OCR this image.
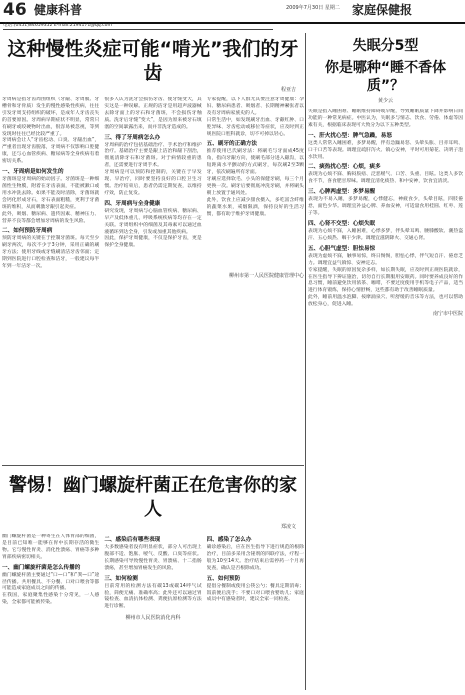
46 健康科普	2009年7月30日 星期二 家庭保健报
电话:(0451)84659352 E-mail:2194171@qq.com
这种慢性炎症可能“啃光”我们的牙齿
程亚吉

牙周病是指牙齿周围组织（牙龈、牙周膜、牙槽骨和牙骨质）发生的慢性感染性疾病，往往引发牙周支持组织的破坏，是成年人牙齿丧失的首要原因。牙周病早期症状不明显，常常只有刷牙或咬硬物时出血，很容易被忽视，等到发现时往往已经比较严重了。

牙周病会让人“牙齿松动、口臭、牙龈出血”，严重者出现牙齿脱落，牙周病不仅影响口腔健康，还与心血管疾病、糖尿病等全身疾病有着密切关系。

一、牙周病是如何发生的

牙菌斑是牙周病的始动因子。牙菌斑是一种细菌性生物膜，附着在牙齿表面，不能被漱口或用水冲洗去除。如果不能及时清除，牙菌斑就会钙化形成牙石，牙石表面粗糙，更利于牙菌斑的堆积，从而刺激牙龈引起炎症。

此外，吸烟、糖尿病、遗传因素、精神压力、营养不良等都会增加牙周病的发生风险。

二、如何预防牙周病

预防牙周病的关键在于控制牙菌斑。每天至少刷牙两次，每次不少于3分钟，采用正确的刷牙方法；使用牙线或牙缝刷清洁牙齿邻面；定期到医院进行口腔检查和洁牙，一般建议每半年到一年洁牙一次。

很多人认为洗牙会损伤牙齿、使牙缝变大，其实这是一种误解。正规的洁牙是用超声波器械去除牙面上的牙石和牙菌斑，不会损伤牙釉质。洗牙后牙缝“变大”，是因为原来被牙石填塞的空间暴露出来，而并非洗牙造成的。

三、得了牙周病怎么办

牙周病的治疗包括基础治疗、手术治疗和维护治疗。基础治疗主要是龈上洁治和龈下刮治，彻底清除牙石和牙菌斑。对于病情较重的患者，还需要进行牙周手术。

牙周病是可以预防和控制的，关键在于早发现、早治疗，同时要坚持良好的口腔卫生习惯。治疗结束后，患者仍需定期复查，以维持疗效，防止复发。

四、牙周病与全身健康

研究发现，牙周病与心脑血管疾病、糖尿病、早产及低体重儿、呼吸系统疾病等均存在一定关联。牙周组织中的细菌及其毒素可以通过血液循环到达全身，引发或加重其他疾病。

因此，保护牙周健康，不仅是保护牙齿，更是保护全身健康。

专家提醒，以下人群尤其要注意牙周健康：孕妇、糖尿病患者、吸烟者、长期精神紧张者以及有牙周病家族史的人。

日常生活中，如发现刷牙出血、牙龈红肿、口腔异味、牙齿松动或移位等症状，应及时到正规医院口腔科就诊，切不可掉以轻心。

五、刷牙的正确方法

推荐使用巴氏刷牙法：将刷毛与牙面成45度角，指向牙龈方向，使刷毛部分进入龈沟，以短距离水平颤动的方式刷牙，每次刷2至3颗牙，依次刷遍所有牙面。

牙刷应选择软毛、小头的保健牙刷，每三个月更换一次。刷牙后要彻底冲洗牙刷，并将刷头朝上放置于通风处。

此外，饮食上应减少甜食摄入，多吃富含纤维的蔬菜水果，戒烟限酒，保持良好的生活习惯，都有助于维护牙周健康。

柳州市第一人民医院健康管理中心
警惕！幽门螺旋杆菌正在危害你的家人
郑凌文

幽门螺旋杆菌是一种寄生在人体胃部的细菌，是目前已知唯一能够在胃中长期存活的微生物。它与慢性胃炎、消化性溃疡、胃癌等多种胃部疾病密切相关。

一、幽门螺旋杆菌是怎么传播的

幽门螺旋杆菌主要通过“口—口”和“粪—口”途径传播。共用餐具、不分餐、口对口喂食等都可能造成家庭成员之间的传播。

在我国，家庭聚集性感染十分常见，一人感染，全家都可能被传染。

二、感染后有哪些表现

大多数感染者没有明显症状，部分人可出现上腹部不适、饱胀、嗳气、反酸、口臭等症状。长期感染可导致慢性胃炎、胃溃疡、十二指肠溃疡，甚至增加胃癌发生的风险。

三、如何检测

目前常用的检测方法有碳13或碳14呼气试验，简便无痛、准确率高；此外还可以通过胃镜检查、血清抗体检测、粪便抗原检测等方法进行诊断。

四、感染了怎么办

确诊感染后，应在医生指导下进行规范的根除治疗，目前多采用含铋剂的四联疗法，疗程一般为10至14天。治疗结束后需停药一个月再复查，确认是否根除成功。

五、如何预防

提倡分餐制或使用公筷公勺；餐具定期消毒；饭前便后洗手；不要口对口喂食婴幼儿；家庭成员中有感染者时，建议全家一同检查。

柳州市人民医院消化内科
失眠分5型
你是哪种“睡不香体质”？
黄少云

失眠是指入睡困难、睡眠维持障碍或早醒，导致睡眠质量下降并影响日间功能的一种常见病症。中医认为，失眠多与情志、饮食、劳倦、体虚等因素有关，根据临床表现可大致分为以下五种类型。

一、肝火扰心型：脾气急躁，易怒

这类人常常入睡困难，多梦易醒，伴有急躁易怒、头晕头胀、目赤耳鸣、口干口苦等表现。调理宜疏肝泻火、镇心安神，平时可用菊花、决明子泡水饮用。

二、痰热扰心型：心烦，痰多

表现为心烦不寐、胸闷脘痞、泛恶嗳气、口苦、头重、目眩。这类人多饮食不节，喜食肥甘厚味。调理宜清化痰热、和中安神，饮食宜清淡。

三、心脾两虚型：多梦易醒

表现为不易入睡，多梦易醒，心悸健忘，神疲食少，头晕目眩，四肢倦怠，面色少华。调理宜补益心脾、养血安神，可适量食用桂圆、红枣、莲子等。

四、心肾不交型：心烦失眠

表现为心烦不寐，入睡困难，心悸多梦，伴头晕耳鸣、腰膝酸软、潮热盗汗、五心烦热、咽干少津。调理宜滋阴降火、交通心肾。

五、心胆气虚型：胆怯易惊

表现为虚烦不寐，触事易惊，终日惕惕，胆怯心悸，伴气短自汗、倦怠乏力。调理宜益气镇惊、安神定志。

专家提醒，失眠的原因复杂多样，如长期失眠，应及时到正规医院就诊，在医生指导下辨证施治，切勿自行长期服用安眠药。同时要养成良好的作息习惯，睡前避免饮用浓茶、咖啡，不要过度使用手机等电子产品，适当进行体育锻炼，保持心情舒畅，这些都有助于改善睡眠质量。

此外，睡前用温水泡脚、按摩涌泉穴、听舒缓的音乐等方法，也可以帮助放松身心，促进入睡。

南宁市中医院
